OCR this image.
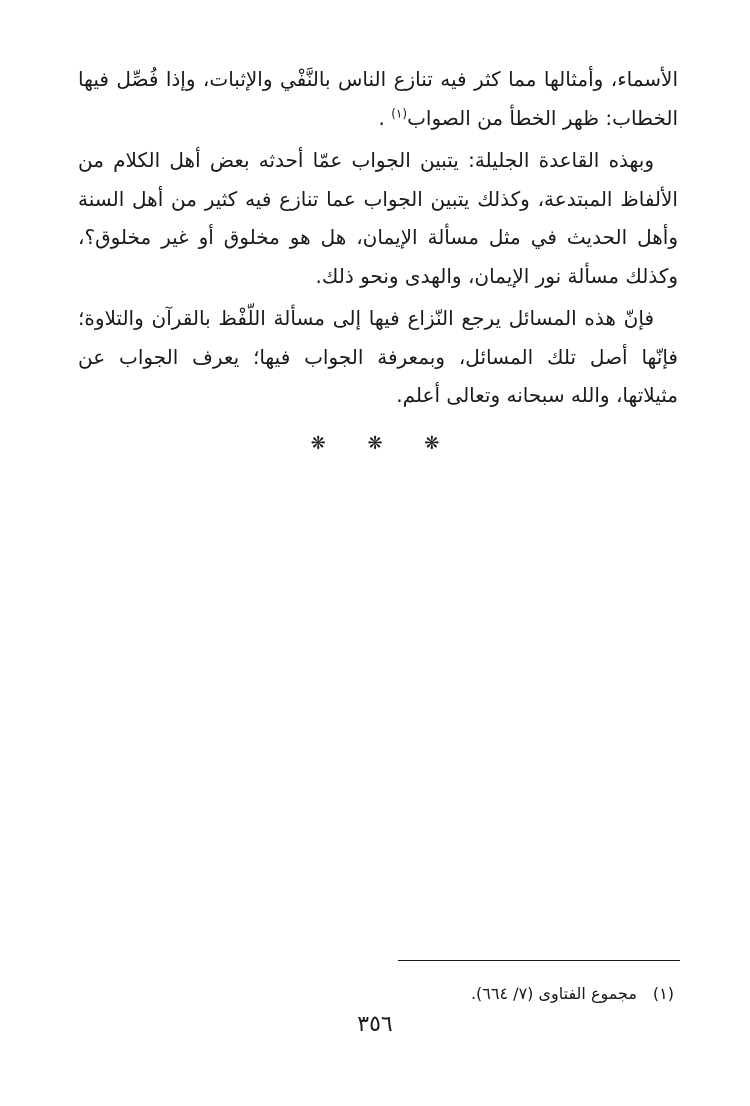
الأسماء، وأمثالها مما كثر فيه تنازع الناس بالنَّفْي والإثبات، وإذا فُصِّل فيها الخطاب: ظهر الخطأ من الصواب$^{(١)}$ .

وبهذه القاعدة الجليلة: يتبين الجواب عمّا أحدثه بعض أهل الكلام من الألفاظ المبتدعة، وكذلك يتبين الجواب عما تنازع فيه كثير من أهل السنة وأهل الحديث في مثل مسألة الإيمان، هل هو مخلوق أو غير مخلوق؟، وكذلك مسألة نور الإيمان، والهدى ونحو ذلك.

فإنّ هذه المسائل يرجع النّزاع فيها إلى مسألة اللّفْظ بالقرآن والتلاوة؛ فإنّها أصل تلك المسائل، وبمعرفة الجواب فيها؛ يعرف الجواب عن مثيلاتها، والله سبحانه وتعالى أعلم.

❋ ❋ ❋
(١)مجموع الفتاوى (٧/ ٦٦٤).
٣٥٦
